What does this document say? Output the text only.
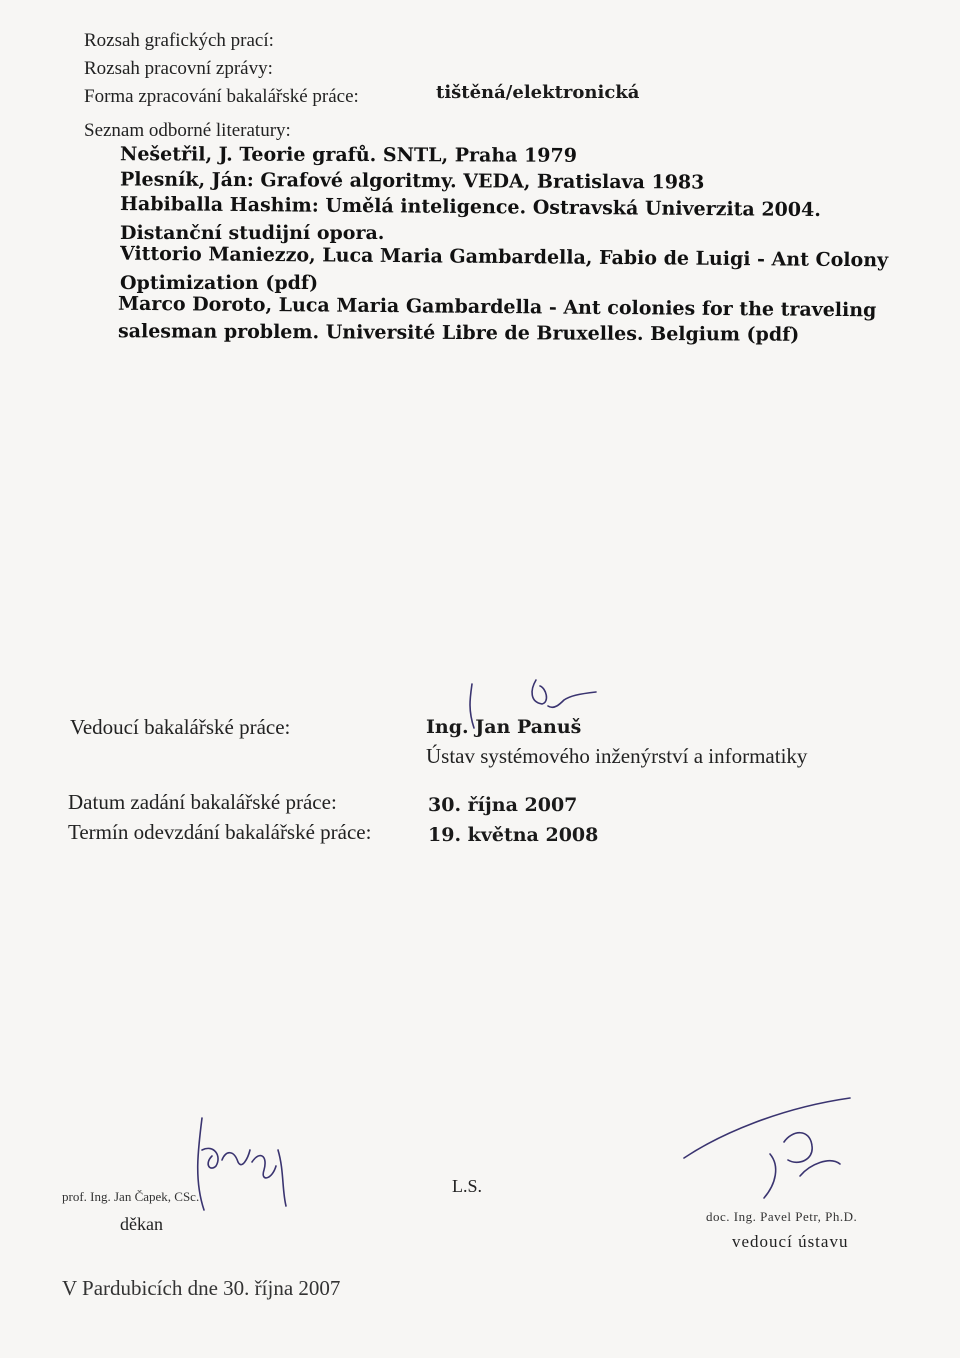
Rozsah grafických prací:
Rozsah pracovní zprávy:
Forma zpracování bakalářské práce:	tištěná/elektronická
Seznam odborné literatury:
Nešetřil, J. Teorie grafů. SNTL, Praha 1979
Plesník, Ján: Grafové algoritmy. VEDA, Bratislava 1983
Habiballa Hashim: Umělá inteligence. Ostravská Univerzita 2004.
Distanční studijní opora.
Vittorio Maniezzo, Luca Maria Gambardella, Fabio de Luigi - Ant Colony
Optimization (pdf)
Marco Doroto, Luca Maria Gambardella - Ant colonies for the traveling
salesman problem. Université Libre de Bruxelles. Belgium (pdf)
Vedoucí bakalářské práce:	Ing. Jan Panuš
Ústav systémového inženýrství a informatiky
Datum zadání bakalářské práce:	30. října 2007
Termín odevzdání bakalářské práce:	19. května 2008
prof. Ing. Jan Čapek, CSc.
děkan
L.S.
doc. Ing. Pavel Petr, Ph.D.
vedoucí ústavu
V Pardubicích dne 30. října 2007
